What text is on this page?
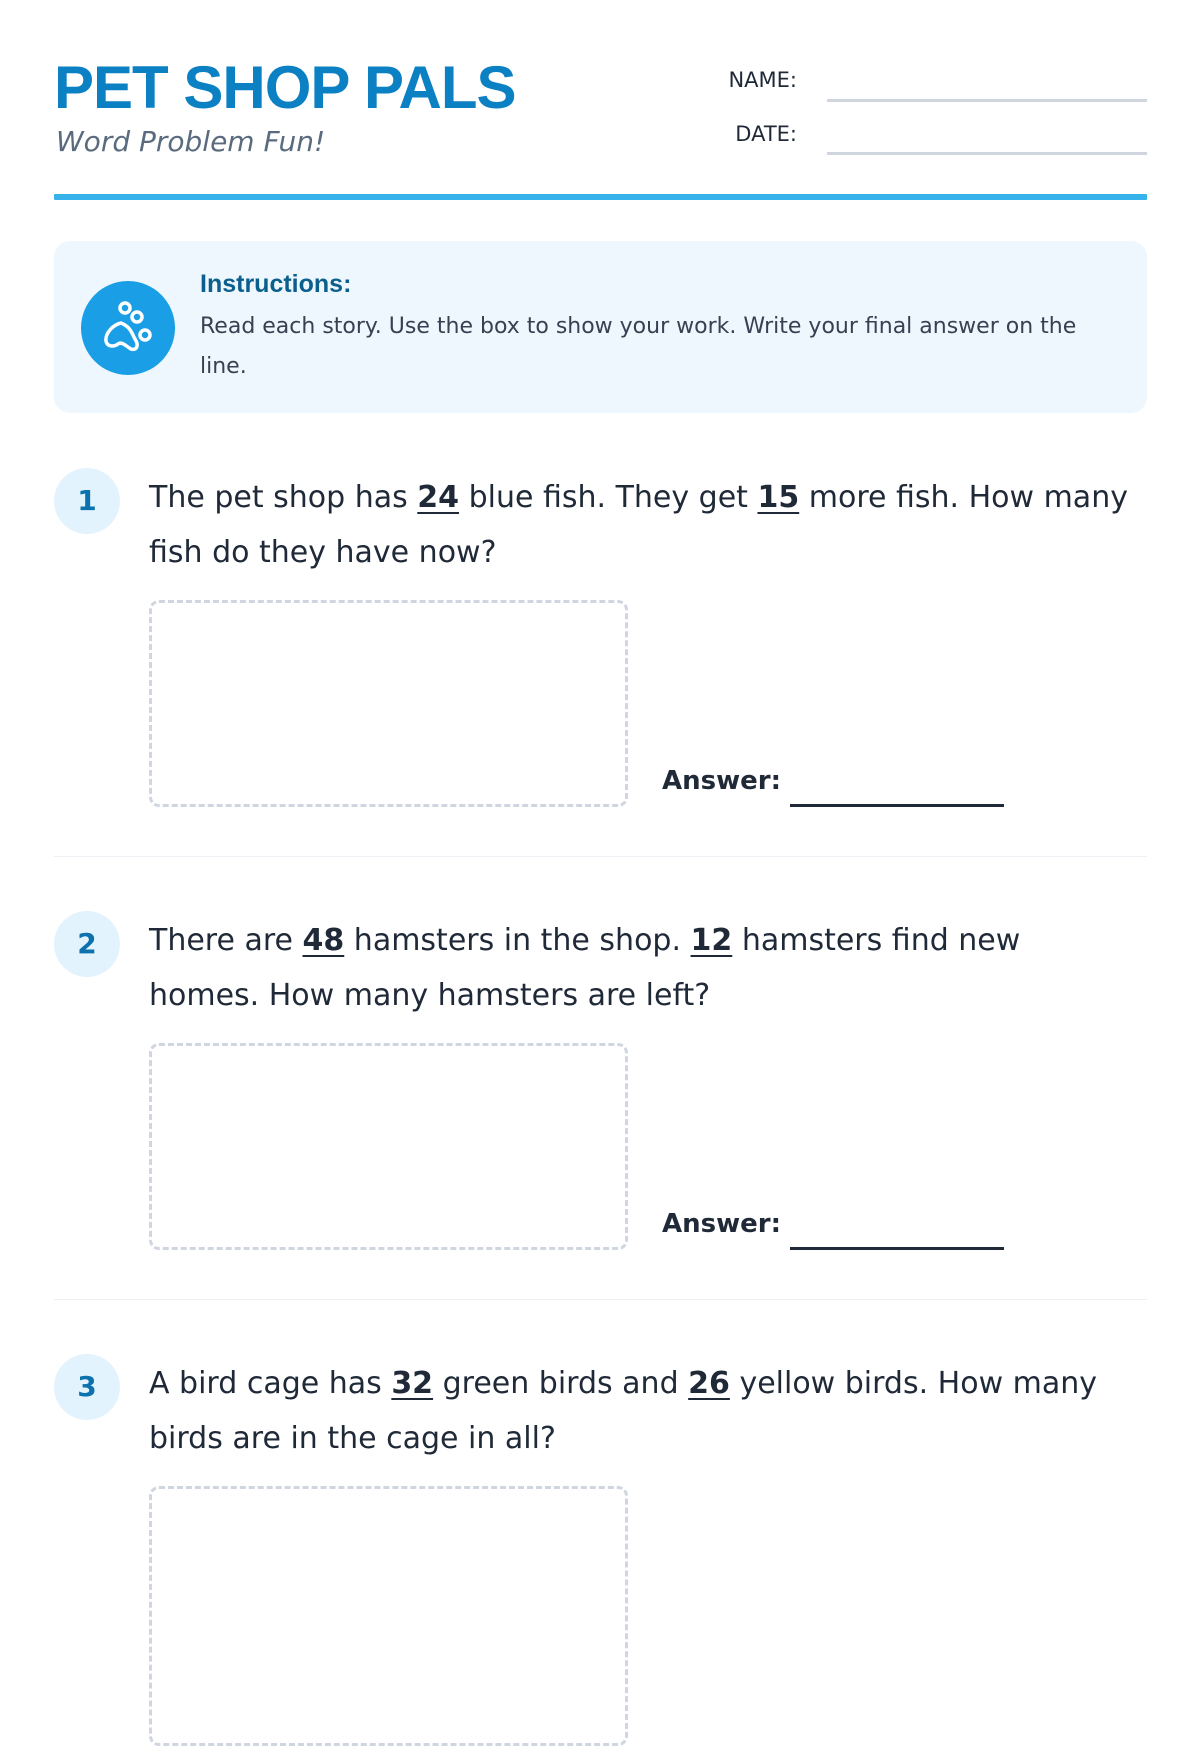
PET SHOP PALS
Word Problem Fun!
NAME:
DATE:
Instructions:
Read each story. Use the box to show your work. Write your final answer on the line.
1	The pet shop has 24 blue fish. They get 15 more fish. How many fish do they have now?
Answer:
2	There are 48 hamsters in the shop. 12 hamsters find new homes. How many hamsters are left?
Answer:
3	A bird cage has 32 green birds and 26 yellow birds. How many birds are in the cage in all?
